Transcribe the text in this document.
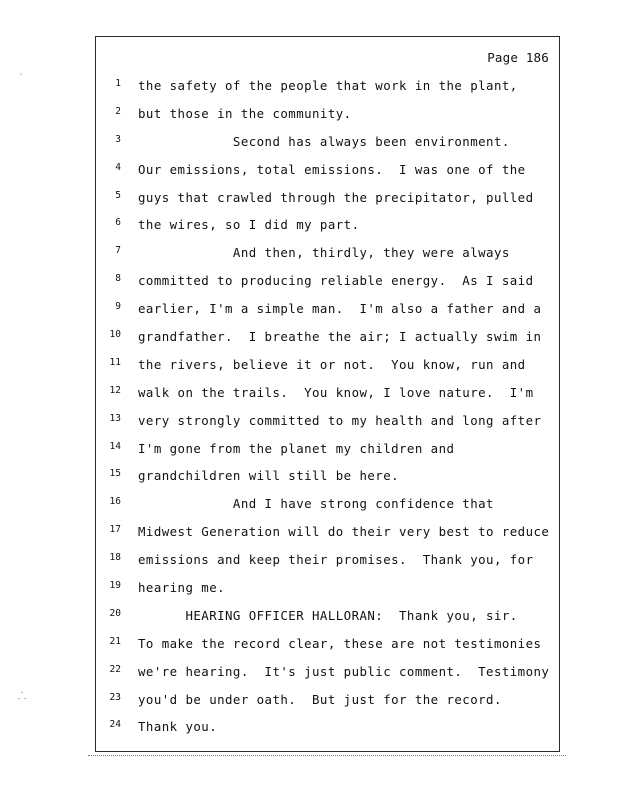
Page 186
1 the safety of the people that work in the plant,
2 but those in the community.
3 Second has always been environment.
4 Our emissions, total emissions.  I was one of the
5 guys that crawled through the precipitator, pulled
6 the wires, so I did my part.
7 And then, thirdly, they were always
8 committed to producing reliable energy.  As I said
9 earlier, I'm a simple man.  I'm also a father and a
10 grandfather.  I breathe the air; I actually swim in
11 the rivers, believe it or not.  You know, run and
12 walk on the trails.  You know, I love nature.  I'm
13 very strongly committed to my health and long after
14 I'm gone from the planet my children and
15 grandchildren will still be here.
16 And I have strong confidence that
17 Midwest Generation will do their very best to reduce
18 emissions and keep their promises.  Thank you, for
19 hearing me.
20 HEARING OFFICER HALLORAN:  Thank you, sir.
21 To make the record clear, these are not testimonies
22 we're hearing.  It's just public comment.  Testimony
23 you'd be under oath.  But just for the record.
24 Thank you.
˙
⸫
